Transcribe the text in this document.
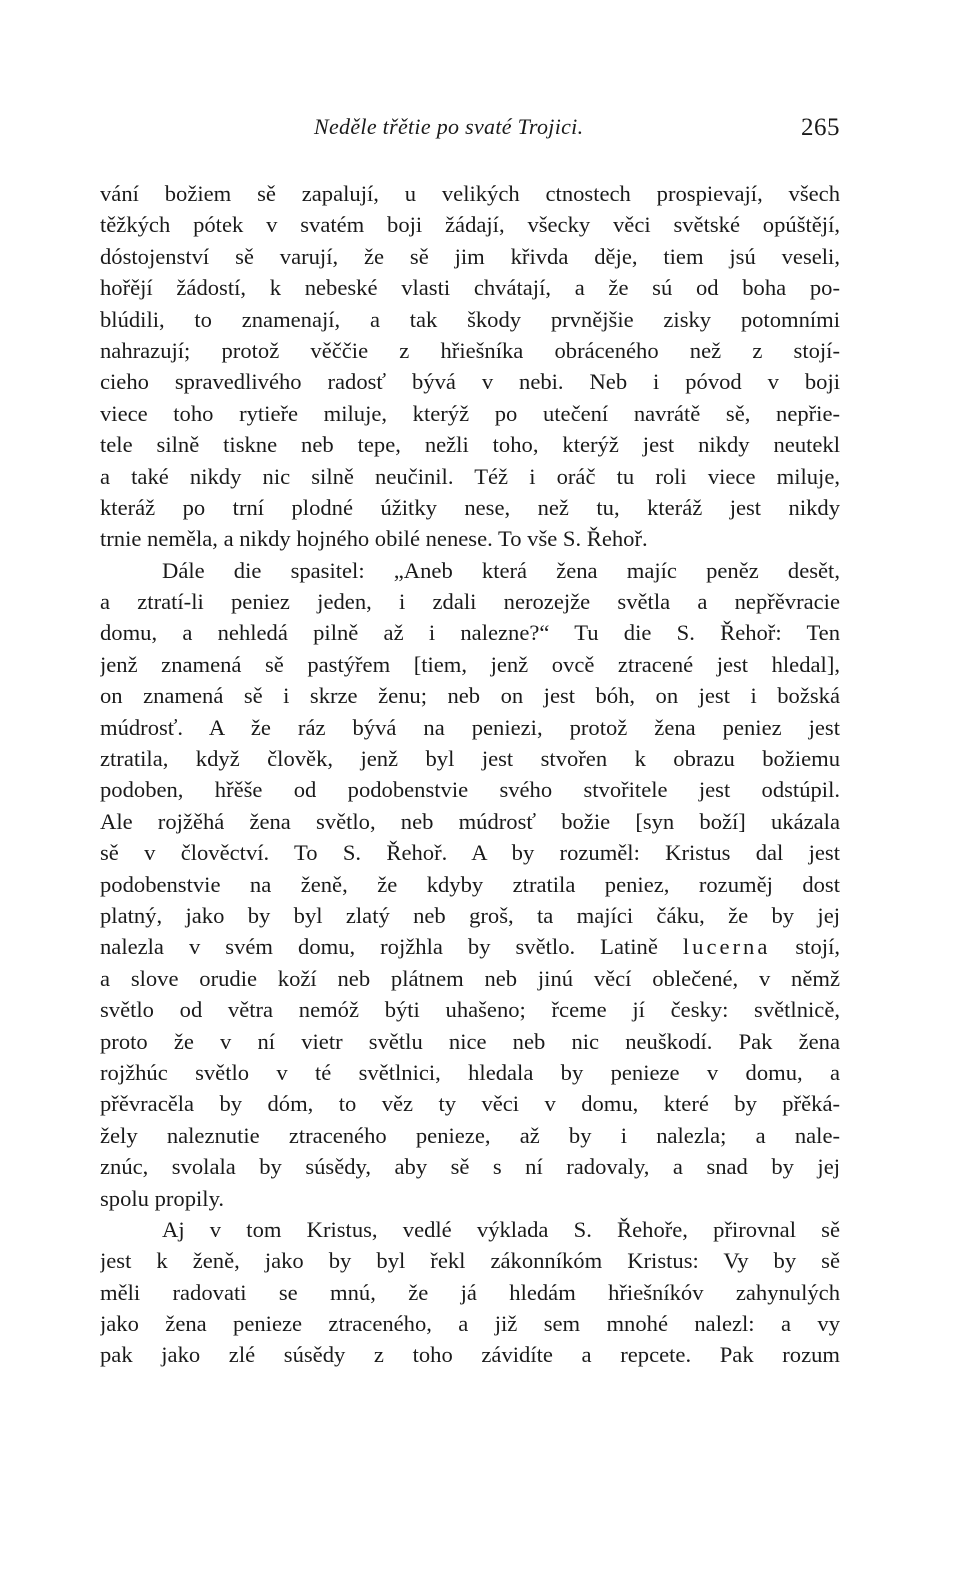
Neděle třětie po svaté Trojici.	265
vání božiem sě zapalují, u velikých ctnostech prospievají, všech
těžkých pótek v svatém boji žádají, všecky věci světské opúštějí,
dóstojenství sě varují, že sě jim křivda děje, tiem jsú veseli,
hořějí žádostí, k nebeské vlasti chvátají, a že sú od boha po-
blúdili, to znamenají, a tak škody prvnějšie zisky potomními
nahrazují; protož věččie z hřiešníka obráceného než z stojí-
cieho spravedlivého radosť bývá v nebi. Neb i póvod v boji
viece toho rytieře miluje, kterýž po utečení navrátě sě, nepřie-
tele silně tiskne neb tepe, nežli toho, kterýž jest nikdy neutekl
a také nikdy nic silně neučinil. Též i oráč tu roli viece miluje,
kteráž po trní plodné úžitky nese, než tu, kteráž jest nikdy
trnie neměla, a nikdy hojného obilé nenese. To vše S. Řehoř.
Dále die spasitel: „Aneb která žena majíc peněz desět,
a ztratí-li peniez jeden, i zdali nerozejže světla a nepřěvracie
domu, a nehledá pilně až i nalezne?“ Tu die S. Řehoř: Ten
jenž znamená sě pastýřem [tiem, jenž ovcě ztracené jest hledal],
on znamená sě i skrze ženu; neb on jest bóh, on jest i božská
múdrosť. A že ráz bývá na peniezi, protož žena peniez jest
ztratila, když člověk, jenž byl jest stvořen k obrazu božiemu
podoben, hřěše od podobenstvie svého stvořitele jest odstúpil.
Ale rojžěhá žena světlo, neb múdrosť božie [syn boží] ukázala
sě v člověctví. To S. Řehoř. A by rozuměl: Kristus dal jest
podobenstvie na ženě, že kdyby ztratila peniez, rozuměj dost
platný, jako by byl zlatý neb groš, ta majíci čáku, že by jej
nalezla v svém domu, rojžhla by světlo. Latině lucerna stojí,
a slove orudie koží neb plátnem neb jinú věcí oblečené, v němž
světlo od větra nemóž býti uhašeno; řceme jí česky: světlnicě,
proto že v ní vietr světlu nice neb nic neuškodí. Pak žena
rojžhúc světlo v té světlnici, hledala by penieze v domu, a
přěvracěla by dóm, to věz ty věci v domu, které by přěká-
žely naleznutie ztraceného penieze, až by i nalezla; a nale-
znúc, svolala by súsědy, aby sě s ní radovaly, a snad by jej
spolu propily.
Aj v tom Kristus, vedlé výklada S. Řehoře, přirovnal sě
jest k ženě, jako by byl řekl zákonníkóm Kristus: Vy by sě
měli radovati se mnú, že já hledám hřiešníkóv zahynulých
jako žena penieze ztraceného, a již sem mnohé nalezl: a vy
pak jako zlé súsědy z toho závidíte a repcete. Pak rozum
